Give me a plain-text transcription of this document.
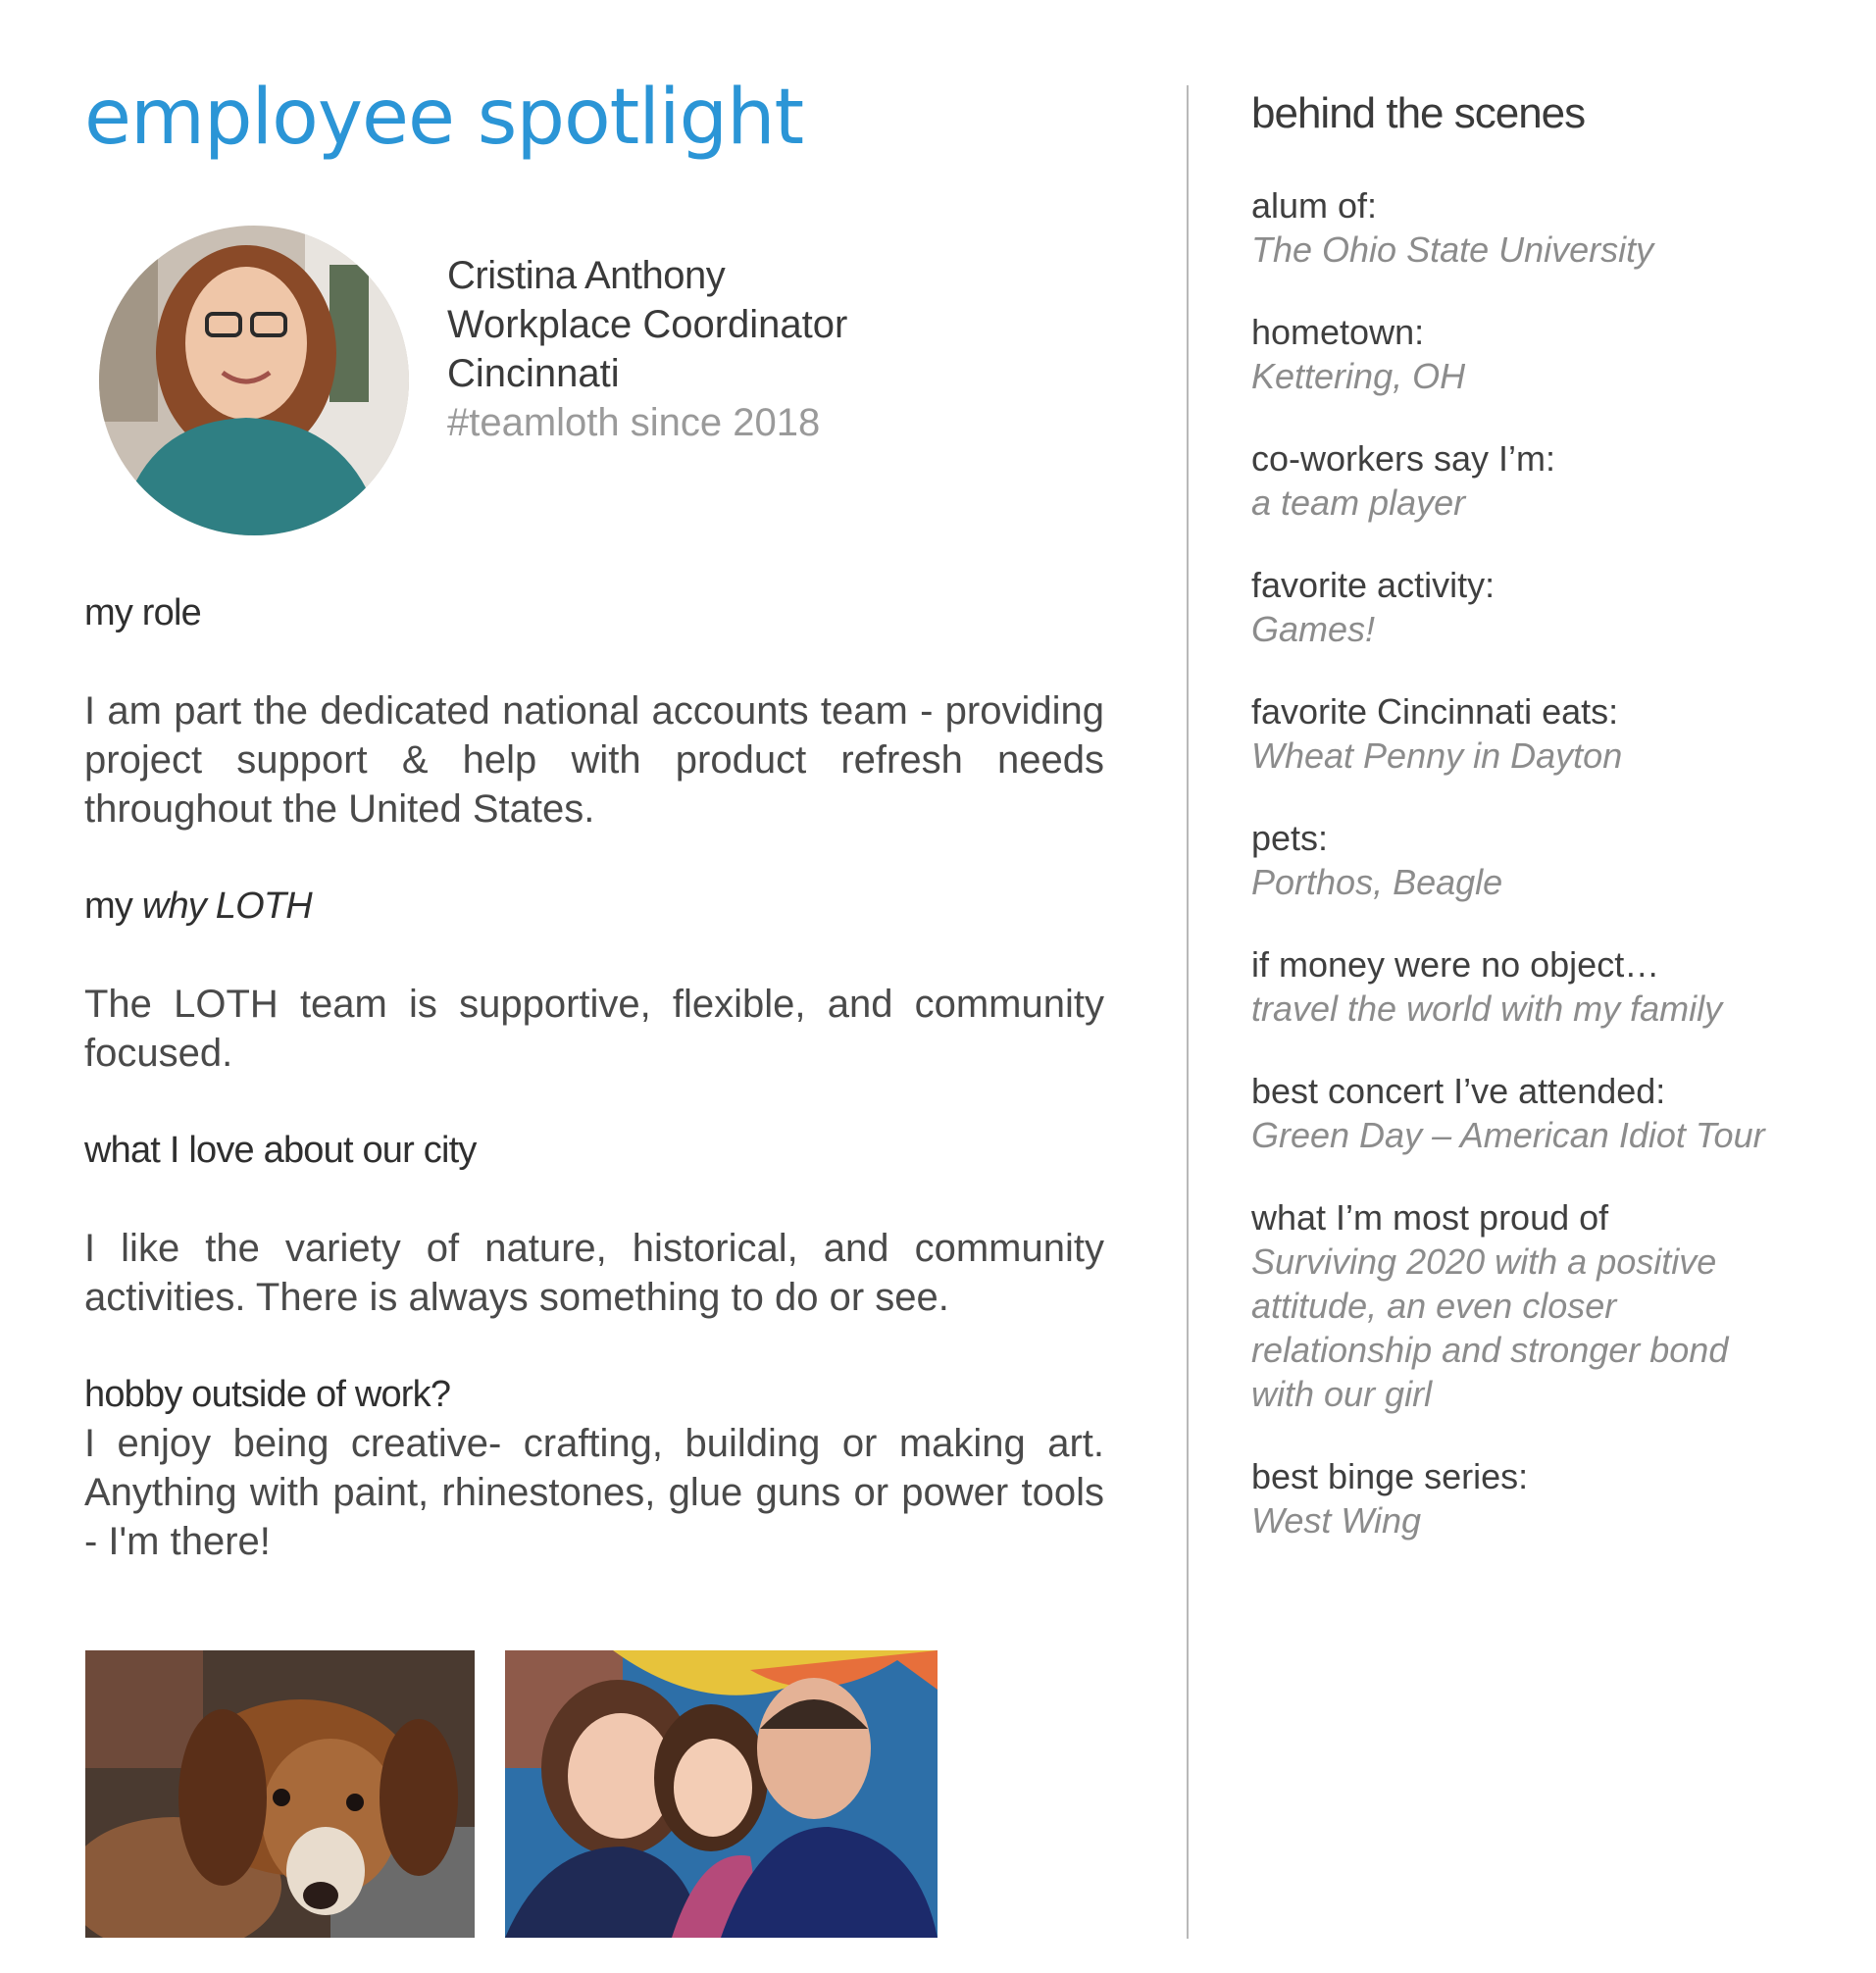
employee spotlight
Cristina Anthony
Workplace Coordinator
Cincinnati
#teamloth since 2018
my role

I am part the dedicated national accounts team - providing project support & help with product refresh needs throughout the United States.

my why LOTH

The LOTH team is supportive, flexible, and community focused.

what I love about our city

I like the variety of nature, historical, and community activities. There is always something to do or see.

hobby outside of work?

I enjoy being creative- crafting, building or making art. Anything with paint, rhinestones, glue guns or power tools - I'm there!

behind the scenes
alum of:
The Ohio State University
hometown:
Kettering, OH
co-workers say I’m:
a team player
favorite activity:
Games!
favorite Cincinnati eats:
Wheat Penny in Dayton
pets:
Porthos, Beagle
if money were no object…
travel the world with my family
best concert I’ve attended:
Green Day – American Idiot Tour
what I’m most proud of
Surviving 2020 with a positive attitude, an even closer relationship and stronger bond with our girl
best binge series:
West Wing
